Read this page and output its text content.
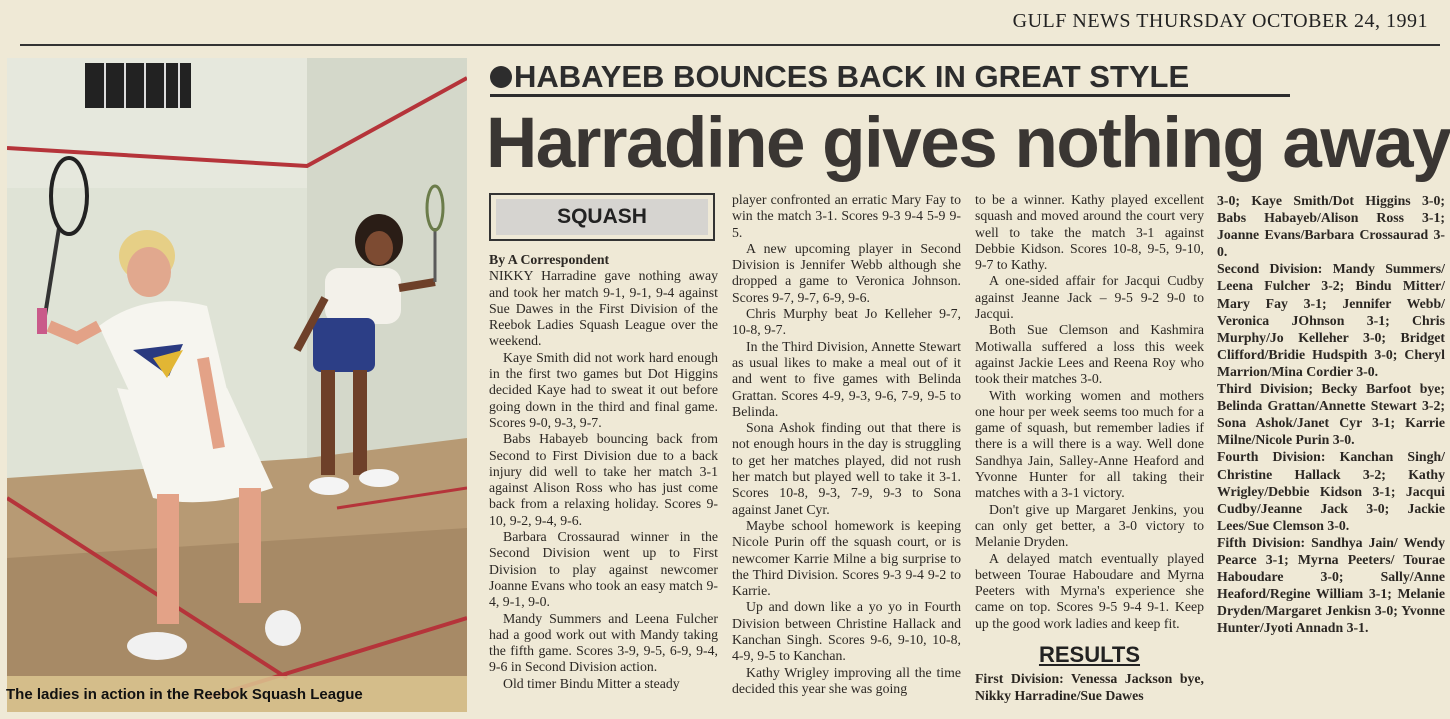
GULF NEWS THURSDAY OCTOBER 24, 1991
The ladies in action in the Reebok Squash League
HABAYEB BOUNCES BACK IN GREAT STYLE
Harradine gives nothing away
SQUASH

By A Correspondent

NIKKY Harradine gave nothing away and took her match 9-1, 9-1, 9-4 against Sue Dawes in the First Division of the Reebok Ladies Squash League over the weekend.

Kaye Smith did not work hard enough in the first two games but Dot Higgins decided Kaye had to sweat it out before going down in the third and final game. Scores 9-0, 9-3, 9-7.

Babs Habayeb bouncing back from Second to First Division due to a back injury did well to take her match 3-1 against Alison Ross who has just come back from a relaxing holiday. Scores 9-10, 9-2, 9-4, 9-6.

Barbara Crossaurad winner in the Second Division went up to First Division to play against newcomer Joanne Evans who took an easy match 9-4, 9-1, 9-0.

Mandy Summers and Leena Fulcher had a good work out with Mandy taking the fifth game. Scores 3-9, 9-5, 6-9, 9-4, 9-6 in Second Division action.

Old timer Bindu Mitter a steady

player confronted an erratic Mary Fay to win the match 3-1. Scores 9-3 9-4 5-9 9-5.

A new upcoming player in Second Division is Jennifer Webb although she dropped a game to Veronica Johnson. Scores 9-7, 9-7, 6-9, 9-6.

Chris Murphy beat Jo Kelleher 9-7, 10-8, 9-7.

In the Third Division, Annette Stewart as usual likes to make a meal out of it and went to five games with Belinda Grattan. Scores 4-9, 9-3, 9-6, 7-9, 9-5 to Belinda.

Sona Ashok finding out that there is not enough hours in the day is struggling to get her matches played, did not rush her match but played well to take it 3-1. Scores 10-8, 9-3, 7-9, 9-3 to Sona against Janet Cyr.

Maybe school homework is keeping Nicole Purin off the squash court, or is newcomer Karrie Milne a big surprise to the Third Division. Scores 9-3 9-4 9-2 to Karrie.

Up and down like a yo yo in Fourth Division between Christine Hallack and Kanchan Singh. Scores 9-6, 9-10, 10-8, 4-9, 9-5 to Kanchan.

Kathy Wrigley improving all the time decided this year she was going

to be a winner. Kathy played excellent squash and moved around the court very well to take the match 3-1 against Debbie Kidson. Scores 10-8, 9-5, 9-10, 9-7 to Kathy.

A one-sided affair for Jacqui Cudby against Jeanne Jack – 9-5 9-2 9-0 to Jacqui.

Both Sue Clemson and Kashmira Motiwalla suffered a loss this week against Jackie Lees and Reena Roy who took their matches 3-0.

With working women and mothers one hour per week seems too much for a game of squash, but remember ladies if there is a will there is a way. Well done Sandhya Jain, Salley-Anne Heaford and Yvonne Hunter for all taking their matches with a 3-1 victory.

Don't give up Margaret Jenkins, you can only get better, a 3-0 victory to Melanie Dryden.

A delayed match eventually played between Tourae Haboudare and Myrna Peeters with Myrna's experience she came on top. Scores 9-5 9-4 9-1. Keep up the good work ladies and keep fit.

RESULTS

First Division: Venessa Jackson bye, Nikky Harradine/Sue Dawes

3-0; Kaye Smith/Dot Higgins 3-0; Babs Habayeb/Alison Ross 3-1; Joanne Evans/Barbara Crossaurad 3-0.

Second Division: Mandy Summers/ Leena Fulcher 3-2; Bindu Mitter/ Mary Fay 3-1; Jennifer Webb/ Veronica JOhnson 3-1; Chris Murphy/Jo Kelleher 3-0; Bridget Clifford/Bridie Hudspith 3-0; Cheryl Marrion/Mina Cordier 3-0.

Third Division; Becky Barfoot bye; Belinda Grattan/Annette Stewart 3-2; Sona Ashok/Janet Cyr 3-1; Karrie Milne/Nicole Purin 3-0.

Fourth Division: Kanchan Singh/ Christine Hallack 3-2; Kathy Wrigley/Debbie Kidson 3-1; Jacqui Cudby/Jeanne Jack 3-0; Jackie Lees/Sue Clemson 3-0.

Fifth Division: Sandhya Jain/ Wendy Pearce 3-1; Myrna Peeters/ Tourae Haboudare 3-0; Sally/Anne Heaford/Regine William 3-1; Melanie Dryden/Margaret Jenkisn 3-0; Yvonne Hunter/Jyoti Annadn 3-1.
